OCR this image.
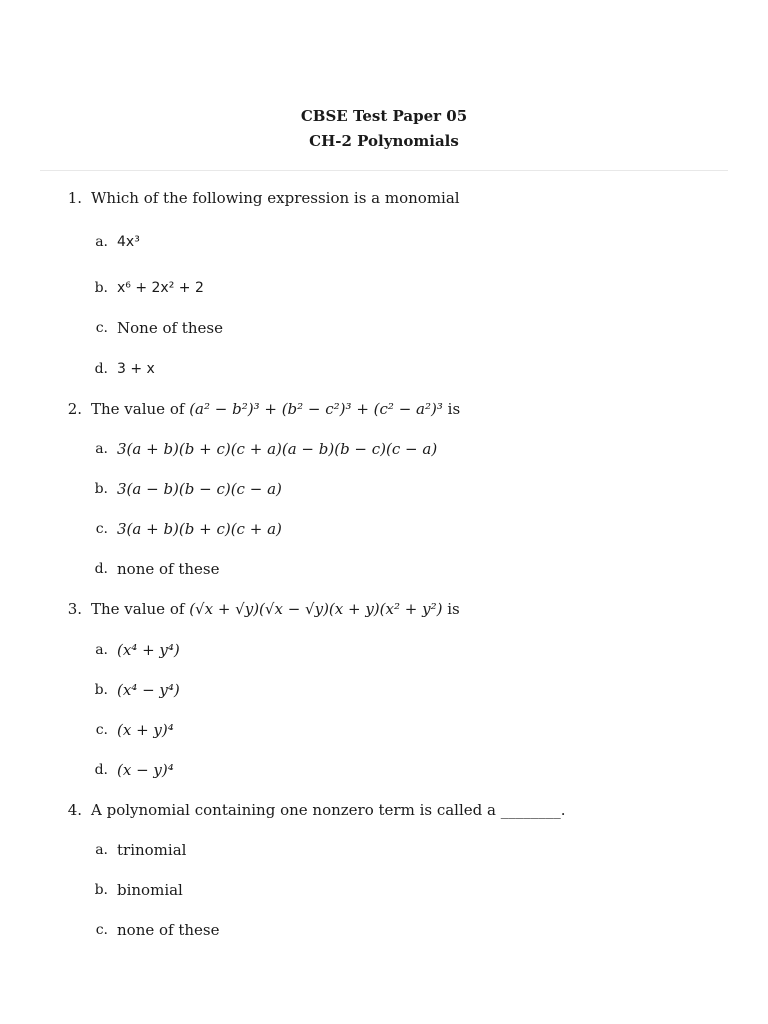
CBSE Test Paper 05
CH-2 Polynomials
1. Which of the following expression is a monomial
a. 4x³
b. x⁶ + 2x² + 2
c. None of these
d. 3 + x
2. The value of (a² − b²)³ + (b² − c²)³ + (c² − a²)³ is
a. 3(a + b)(b + c)(c + a)(a − b)(b − c)(c − a)
b. 3(a − b)(b − c)(c − a)
c. 3(a + b)(b + c)(c + a)
d. none of these
3. The value of (√x + √y)(√x − √y)(x + y)(x² + y²) is
a. (x⁴ + y⁴)
b. (x⁴ − y⁴)
c. (x + y)⁴
d. (x − y)⁴
4. A polynomial containing one nonzero term is called a ________.
a. trinomial
b. binomial
c. none of these
